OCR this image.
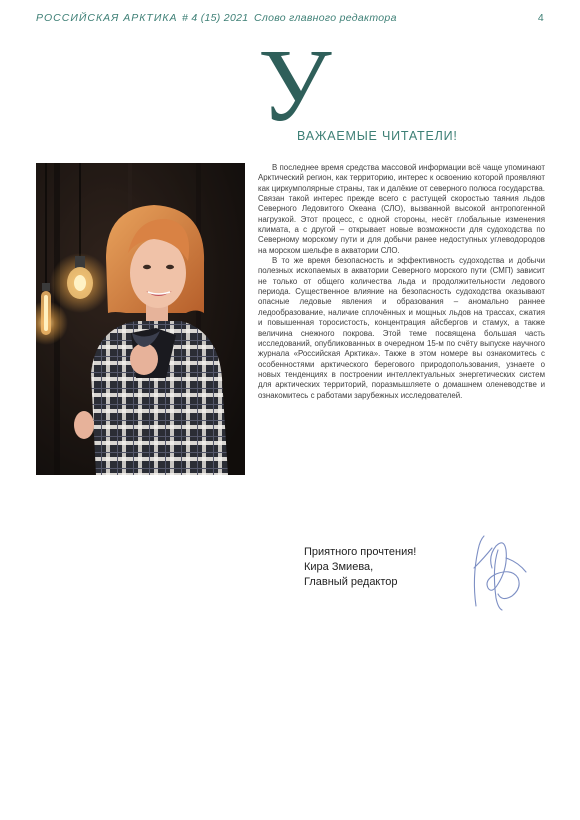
РОССИЙСКАЯ АРКТИКА # 4 (15) 2021 Слово главного редактора	4
У
ВАЖАЕМЫЕ ЧИТАТЕЛИ!

В последнее время средства массовой информации всё чаще упоминают Арктический регион, как территорию, интерес к освоению которой проявляют как циркумполярные страны, так и далёкие от северного полюса государства. Связан такой интерес прежде всего с растущей скоростью таяния льдов Северного Ледовитого Океана (СЛО), вызванной высокой антропогенной нагрузкой. Этот процесс, с одной стороны, несёт глобальные изменения климата, а с другой – открывает новые возможности для судоходства по Северному морскому пути и для добычи ранее недоступных углеводородов на морском шельфе в акватории СЛО.

В то же время безопасность и эффективность судоходства и добычи полезных ископаемых в акватории Северного морского пути (СМП) зависит не только от общего количества льда и продолжительности ледового периода. Существенное влияние на безопасность судоходства оказывают опасные ледовые явления и образования – аномально раннее ледообразование, наличие сплочённых и мощных льдов на трассах, сжатия и повышенная торосистость, концентрация айсбергов и стамух, а также величина снежного покрова. Этой теме посвящена большая часть исследований, опубликованных в очередном 15-м по счёту выпуске научного журнала «Российская Арктика». Также в этом номере вы ознакомитесь с особенностями арктического берегового природопользования, узнаете о новых тенденциях в построении интеллектуальных энергетических систем для арктических территорий, поразмышляете о домашнем оленеводстве и ознакомитесь с работами зарубежных исследователей.

Приятного прочтения!
Кира Змиева,
Главный редактор
